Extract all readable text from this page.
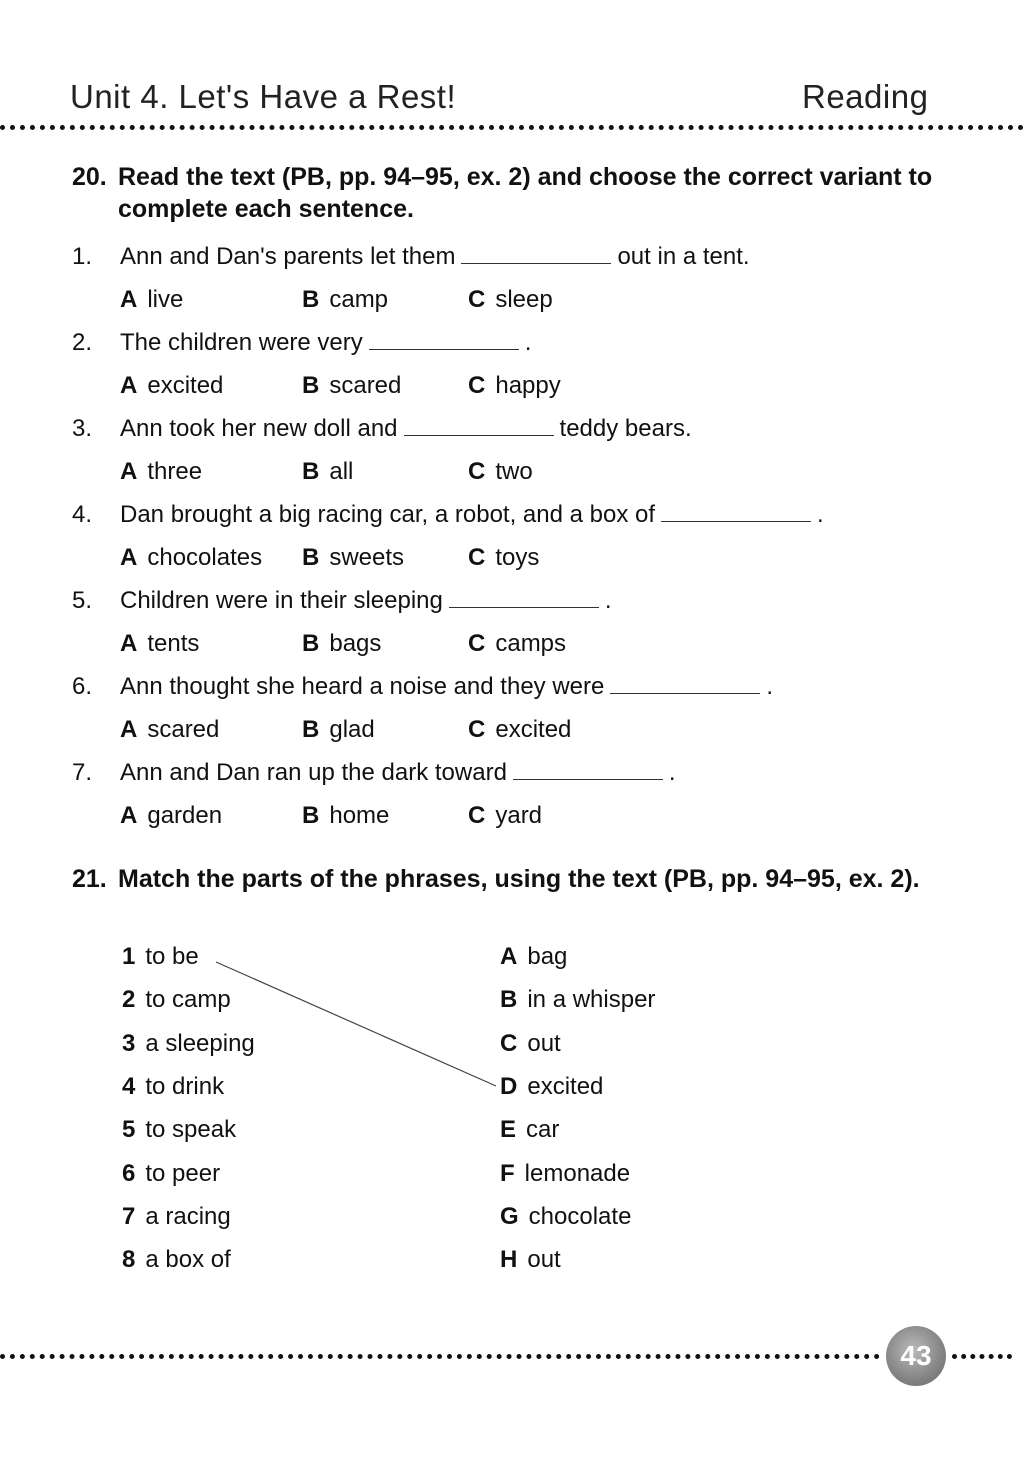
Unit 4. Let's Have a Rest!	Reading
20. Read the text (PB, pp. 94–95, ex. 2) and choose the correct variant to complete each sentence.
1. Ann and Dan's parents let them	out in a tent.
A live	B camp	C sleep
2. The children were very	.
A excited	B scared	C happy
3. Ann took her new doll and	teddy bears.
A three	B all	C two
4. Dan brought a big racing car, a robot, and a box of	.
A chocolates B sweets	C toys
5. Children were in their sleeping	.
A tents	B bags	C camps
6. Ann thought she heard a noise and they were	.
A scared	B glad	C excited
7. Ann and Dan ran up the dark toward	.
A garden	B home	C yard
21. Match the parts of the phrases, using the text (PB, pp. 94–95, ex. 2).
1 to be
2 to camp
3 a sleeping
4 to drink
5 to speak
6 to peer
7 a racing
8 a box of
A bag
B in a whisper
C out
D excited
E car
F lemonade
G chocolate
H out
43
